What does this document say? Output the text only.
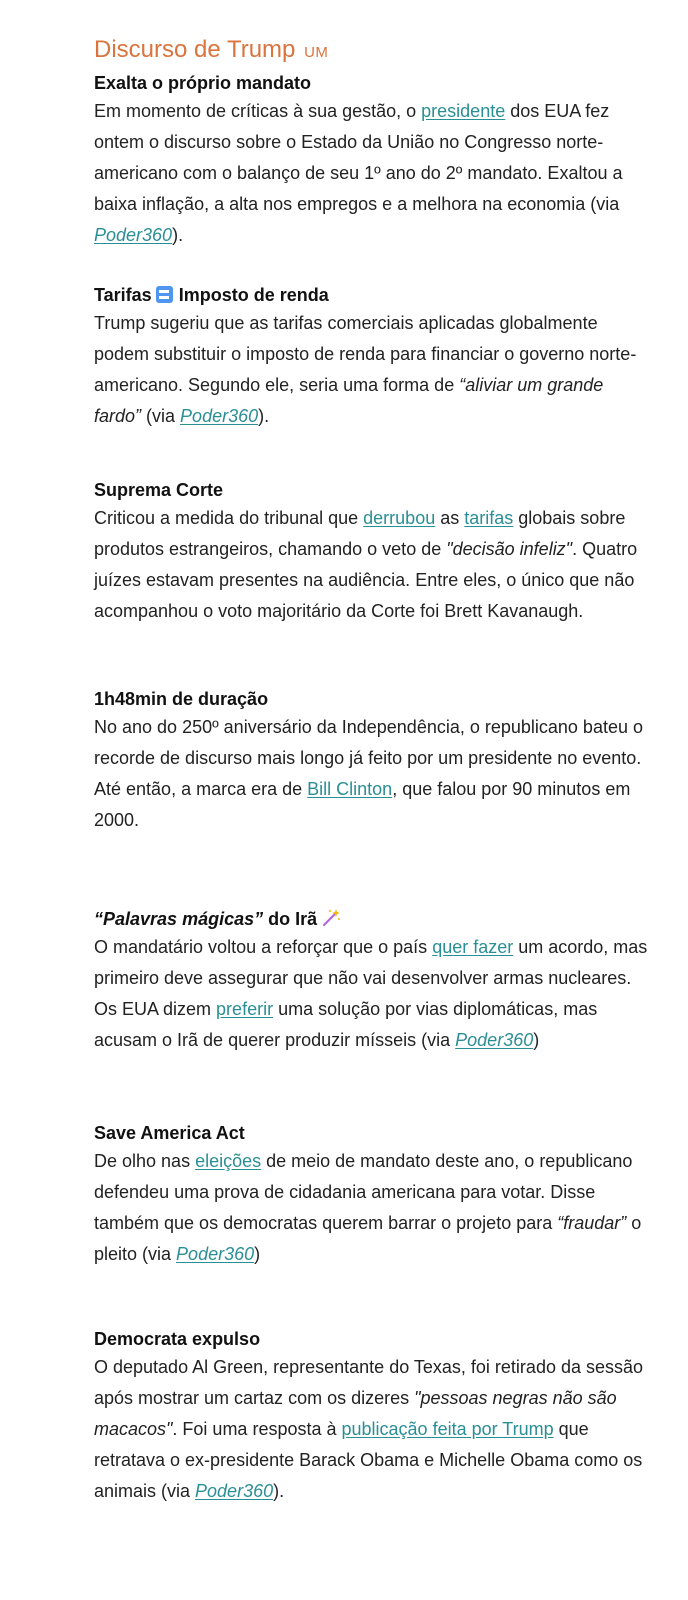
Discurso de Trump UM
Exalta o próprio mandato
Em momento de críticas à sua gestão, o presidente dos EUA fez ontem o discurso sobre o Estado da União no Congresso norte-americano com o balanço de seu 1º ano do 2º mandato. Exaltou a baixa inflação, a alta nos empregos e a melhora na economia (via Poder360).
Tarifas Imposto de renda
Trump sugeriu que as tarifas comerciais aplicadas globalmente podem substituir o imposto de renda para financiar o governo norte-americano. Segundo ele, seria uma forma de “aliviar um grande fardo” (via Poder360).
Suprema Corte
Criticou a medida do tribunal que derrubou as tarifas globais sobre produtos estrangeiros, chamando o veto de "decisão infeliz". Quatro juízes estavam presentes na audiência. Entre eles, o único que não acompanhou o voto majoritário da Corte foi Brett Kavanaugh.
1h48min de duração
No ano do 250º aniversário da Independência, o republicano bateu o recorde de discurso mais longo já feito por um presidente no evento. Até então, a marca era de Bill Clinton, que falou por 90 minutos em 2000.
“Palavras mágicas” do Irã
O mandatário voltou a reforçar que o país quer fazer um acordo, mas primeiro deve assegurar que não vai desenvolver armas nucleares. Os EUA dizem preferir uma solução por vias diplomáticas, mas acusam o Irã de querer produzir mísseis (via Poder360)
Save America Act
De olho nas eleições de meio de mandato deste ano, o republicano defendeu uma prova de cidadania americana para votar. Disse também que os democratas querem barrar o projeto para “fraudar” o pleito (via Poder360)
Democrata expulso
O deputado Al Green, representante do Texas, foi retirado da sessão após mostrar um cartaz com os dizeres "pessoas negras não são macacos". Foi uma resposta à publicação feita por Trump que retratava o ex-presidente Barack Obama e Michelle Obama como os animais (via Poder360).
